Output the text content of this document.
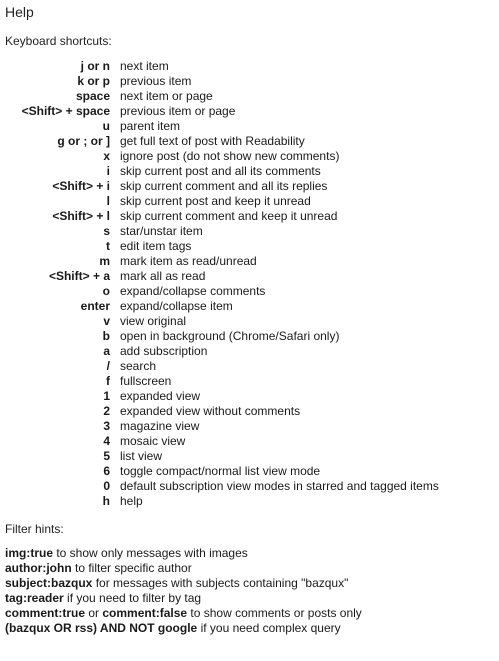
Help

Keyboard shortcuts:

j or n	next item
k or p	previous item
space	next item or page
<Shift> + space	previous item or page
u	parent item
g or ; or ]	get full text of post with Readability
x	ignore post (do not show new comments)
i	skip current post and all its comments
<Shift> + i	skip current comment and all its replies
l	skip current post and keep it unread
<Shift> + l	skip current comment and keep it unread
s	star/unstar item
t	edit item tags
m	mark item as read/unread
<Shift> + a	mark all as read
o	expand/collapse comments
enter	expand/collapse item
v	view original
b	open in background (Chrome/Safari only)
a	add subscription
/	search
f	fullscreen
1	expanded view
2	expanded view without comments
3	magazine view
4	mosaic view
5	list view
6	toggle compact/normal list view mode
0	default subscription view modes in starred and tagged items
h	help

Filter hints:

img:true to show only messages with images
author:john to filter specific author
subject:bazqux for messages with subjects containing "bazqux"
tag:reader if you need to filter by tag
comment:true or comment:false to show comments or posts only
(bazqux OR rss) AND NOT google if you need complex query
